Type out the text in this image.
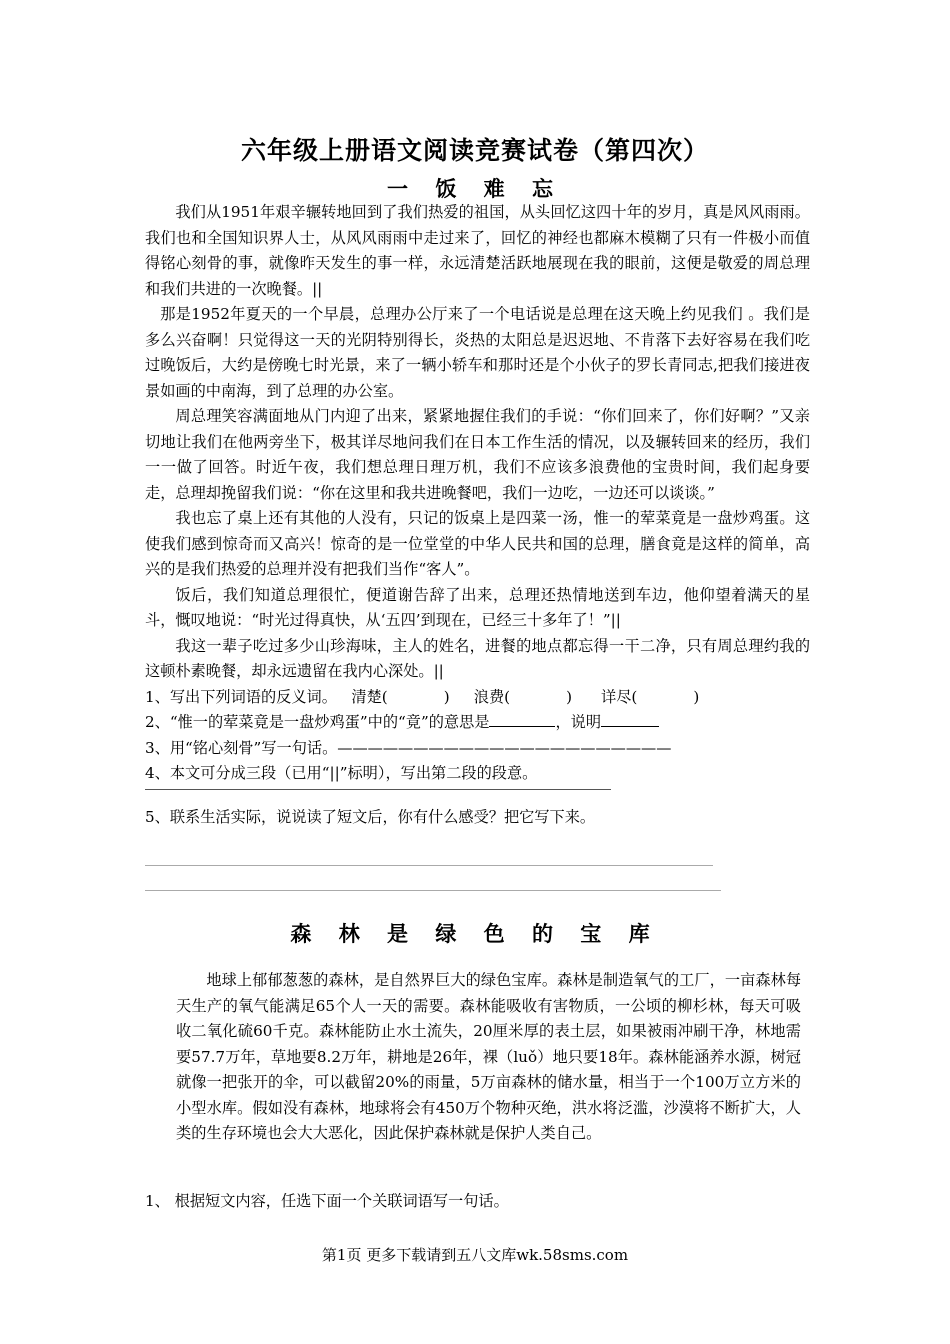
六年级上册语文阅读竞赛试卷（第四次）
一 饭 难 忘

我们从1951年艰辛辗转地回到了我们热爱的祖国，从头回忆这四十年的岁月，真是风风雨雨。我们也和全国知识界人士，从风风雨雨中走过来了，回忆的神经也都麻木模糊了只有一件极小而值得铭心刻骨的事，就像昨天发生的事一样，永远清楚活跃地展现在我的眼前，这便是敬爱的周总理和我们共进的一次晚餐。||

那是1952年夏天的一个早晨，总理办公厅来了一个电话说是总理在这天晚上约见我们 。我们是多么兴奋啊！只觉得这一天的光阴特别得长，炎热的太阳总是迟迟地、不肯落下去好容易在我们吃过晚饭后，大约是傍晚七时光景，来了一辆小轿车和那时还是个小伙子的罗长青同志,把我们接进夜景如画的中南海，到了总理的办公室。

周总理笑容满面地从门内迎了出来，紧紧地握住我们的手说：“你们回来了，你们好啊？”又亲切地让我们在他两旁坐下，极其详尽地问我们在日本工作生活的情况，以及辗转回来的经历，我们一一做了回答。时近午夜，我们想总理日理万机，我们不应该多浪费他的宝贵时间，我们起身要走，总理却挽留我们说：“你在这里和我共进晚餐吧，我们一边吃，一边还可以谈谈。”

我也忘了桌上还有其他的人没有，只记的饭桌上是四菜一汤，惟一的荤菜竟是一盘炒鸡蛋。这使我们感到惊奇而又高兴！惊奇的是一位堂堂的中华人民共和国的总理，膳食竟是这样的简单，高兴的是我们热爱的总理并没有把我们当作“客人”。

饭后，我们知道总理很忙，便道谢告辞了出来，总理还热情地送到车边，他仰望着满天的星斗，慨叹地说：“时光过得真快，从‘五四’到现在，已经三十多年了！”||

我这一辈子吃过多少山珍海味，主人的姓名，进餐的地点都忘得一干二净，只有周总理约我的这顿朴素晚餐，却永远遗留在我内心深处。||

1、写出下列词语的反义词。 清楚(	) 浪费(	) 详尽(	)
2、“惟一的荤菜竟是一盘炒鸡蛋”中的“竟”的意思是	，说明
3、用“铭心刻骨”写一句话。——————————————————————
4、本文可分成三段（已用“||”标明），写出第二段的段意。
5、联系生活实际，说说读了短文后，你有什么感受？把它写下来。
森 林 是 绿 色 的 宝 库

地球上郁郁葱葱的森林，是自然界巨大的绿色宝库。森林是制造氧气的工厂，一亩森林每天生产的氧气能满足65个人一天的需要。森林能吸收有害物质，一公顷的柳杉林，每天可吸收二氧化硫60千克。森林能防止水土流失，20厘米厚的表土层，如果被雨冲刷干净，林地需要57.7万年，草地要8.2万年，耕地是26年，裸（luǒ）地只要18年。森林能涵养水源，树冠就像一把张开的伞，可以截留20%的雨量，5万亩森林的储水量，相当于一个100万立方米的小型水库。假如没有森林，地球将会有450万个物种灭绝，洪水将泛滥，沙漠将不断扩大，人类的生存环境也会大大恶化，因此保护森林就是保护人类自己。

1、 根据短文内容，任选下面一个关联词语写一句话。
第1页 更多下载请到五八文库wk.58sms.com
